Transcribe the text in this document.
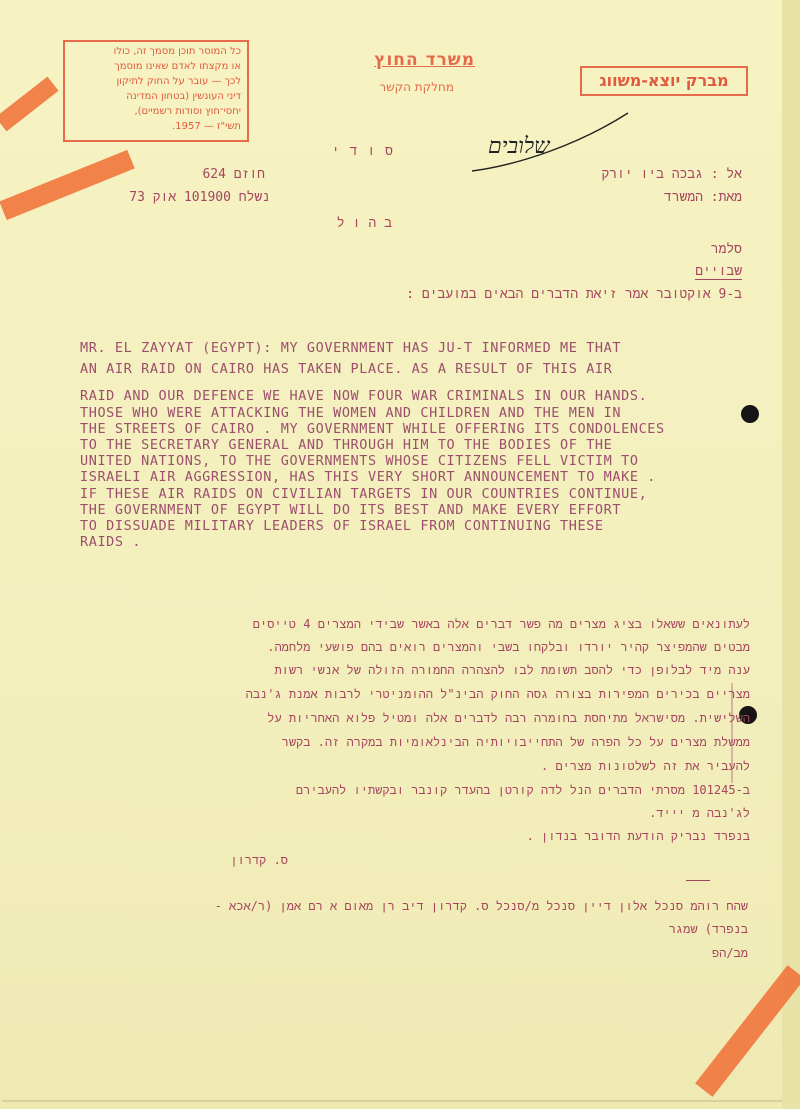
כל המוסר תוכן מסמך זה, כולו
או מקצתו לאדם שאינו מוסמך
לכך — עובר על החוק לתיקון
דיני העונשין (בטחון המדינה
יחסי־חוץ וסודות רשמיים),
תשי"ז — 1957.
משרד החוץ
מחלקת הקשר	מברק יוצא-משווג
שלובים
סודי
אל : גבכה ביו יורק
מאת: המשרד
חוזם 624
נשלח 101900 אוק 73
בהול
סלמר
שבויים
ב-9 אוקטובר אמר זיאת הדברים הבאים במועבים :
MR. EL ZAYYAT (EGYPT): MY GOVERNMENT HAS JU-T INFORMED ME THAT
AN AIR RAID ON CAIRO HAS TAKEN PLACE. AS A RESULT OF THIS AIR
RAID AND OUR DEFENCE WE HAVE NOW FOUR WAR CRIMINALS IN OUR HANDS.
THOSE WHO WERE ATTACKING THE WOMEN AND CHILDREN AND THE MEN IN
THE STREETS OF CAIRO . MY GOVERNMENT WHILE OFFERING ITS CONDOLENCES
TO THE SECRETARY GENERAL AND THROUGH HIM TO THE BODIES OF THE
UNITED NATIONS, TO THE GOVERNMENTS WHOSE CITIZENS FELL VICTIM TO
ISRAELI AIR AGGRESSION, HAS THIS VERY SHORT ANNOUNCEMENT TO MAKE .
IF THESE AIR RAIDS ON CIVILIAN TARGETS IN OUR COUNTRIES CONTINUE,
THE GOVERNMENT OF EGYPT WILL DO ITS BEST AND MAKE EVERY EFFORT
TO DISSUADE MILITARY LEADERS OF ISRAEL FROM CONTINUING THESE
RAIDS .
לעתונאים ששאלו בציג מצרים מה פשר דברים אלה באשר שבידי המצרים 4 טייסים
מבטים שהמפיצר קהיר יורדו ובלקחו בשבי והמצרים רואים בהם פושעי מלחמה.
ענה מיד לבלופן כדי להסב תשומת לבו להצהרה החמורה הזולה של אנשי רשות
מצריים בכירים המפירות בצורה גסה החוק הבינ"ל ההומניטרי לרבות אמנת ג'נבה
השלישית. מסישראל מתיחסת בחומרה רבה לדברים אלה ומטיל פלוא האחריות על
ממשלת מצרים על כל הפרה של התחייבויותיה הבינלאומיות במקרה זה. בקשר
להעביר את זה לשלטונות מצרים .
ב-101245 מסרתי הדברים הנל לדה קורטן בהעדר קונבר ובקשתיו להעבירם
לג'נבה מ יייד.
בנפרד נבריק הודעת הדובר בנדון .
ס. קדרון
שהח רוהמ סנכל אלון דיין סנכל מ/סנכל ס. קדרון דיב רן מאום א רם אמן (ר/אכא -
בנפרד) שמגר
מב/הפ
